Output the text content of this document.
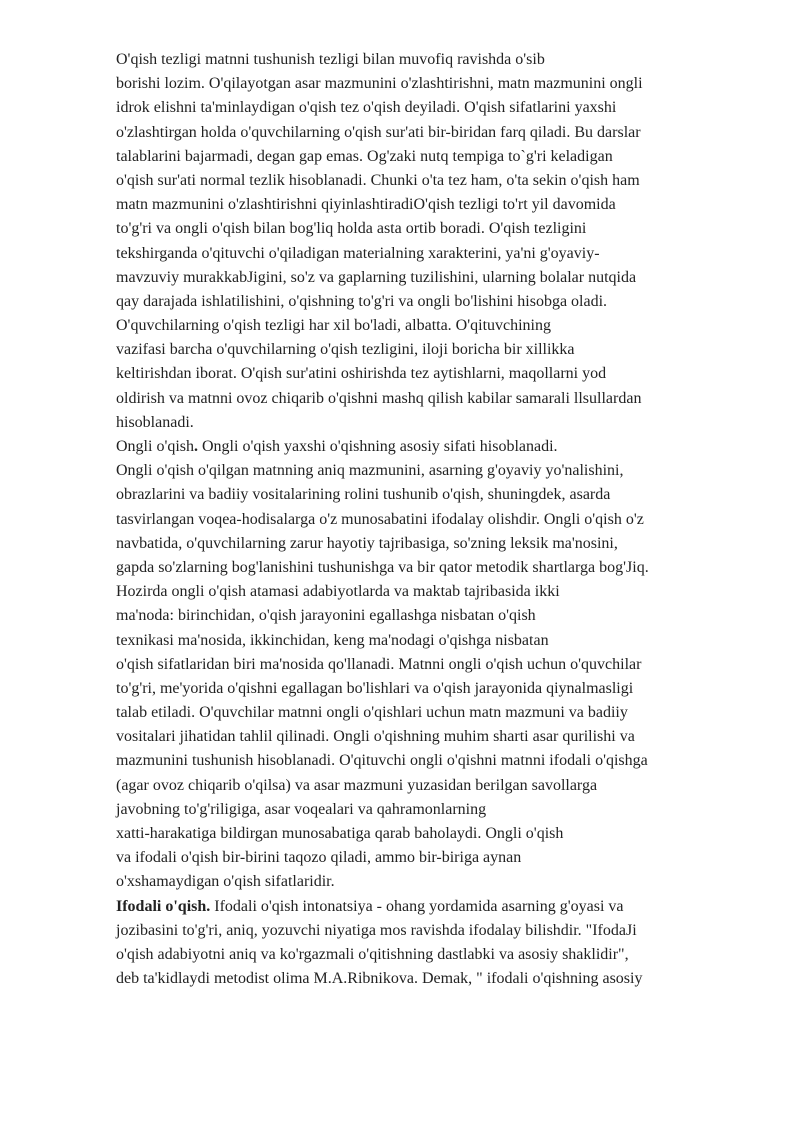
O'qish tezligi matnni tushunish tezligi bilan muvofiq ravishda o'sib
borishi lozim. O'qilayotgan asar mazmunini o'zlashtirishni, matn mazmunini ongli
idrok elishni ta'minlaydigan o'qish tez o'qish deyiladi. O'qish sifatlarini yaxshi
o'zlashtirgan holda o'quvchilarning o'qish sur'ati bir-biridan farq qiladi. Bu darslar
talablarini bajarmadi, degan gap emas. Og'zaki nutq tempiga to`g'ri keladigan
o'qish sur'ati normal tezlik hisoblanadi. Chunki o'ta tez ham, o'ta sekin o'qish ham
matn mazmunini o'zlashtirishni qiyinlashtiradiO'qish tezligi to'rt yil davomida
to'g'ri va ongli o'qish bilan bog'liq holda asta ortib boradi. O'qish tezligini
tekshirganda o'qituvchi o'qiladigan materialning xarakterini, ya'ni g'oyaviy-
mavzuviy murakkabJigini, so'z va gaplarning tuzilishini, ularning bolalar nutqida
qay darajada ishlatilishini, o'qishning to'g'ri va ongli bo'lishini hisobga oladi.
O'quvchilarning o'qish tezligi har xil bo'ladi, albatta. O'qituvchining
vazifasi barcha o'quvchilarning o'qish tezligini, iloji boricha bir xillikka
keltirishdan iborat. O'qish sur'atini oshirishda tez aytishlarni, maqollarni yod
oldirish va matnni ovoz chiqarib o'qishni mashq qilish kabilar samarali llsullardan
hisoblanadi.
Ongli o'qish. Ongli o'qish yaxshi o'qishning asosiy sifati hisoblanadi.
Ongli o'qish o'qilgan matnning aniq mazmunini, asarning g'oyaviy yo'nalishini,
obrazlarini va badiiy vositalarining rolini tushunib o'qish, shuningdek, asarda
tasvirlangan voqea-hodisalarga o'z munosabatini ifodalay olishdir. Ongli o'qish o'z
navbatida, o'quvchilarning zarur hayotiy tajribasiga, so'zning leksik ma'nosini,
gapda so'zlarning bog'lanishini tushunishga va bir qator metodik shartlarga bog'Jiq.
Hozirda ongli o'qish atamasi adabiyotlarda va maktab tajribasida ikki
ma'noda: birinchidan, o'qish jarayonini egallashga nisbatan o'qish
texnikasi ma'nosida, ikkinchidan, keng ma'nodagi o'qishga nisbatan
o'qish sifatlaridan biri ma'nosida qo'llanadi. Matnni ongli o'qish uchun o'quvchilar
to'g'ri, me'yorida o'qishni egallagan bo'lishlari va o'qish jarayonida qiynalmasligi
talab etiladi. O'quvchilar matnni ongli o'qishlari uchun matn mazmuni va badiiy
vositalari jihatidan tahlil qilinadi. Ongli o'qishning muhim sharti asar qurilishi va
mazmunini tushunish hisoblanadi. O'qituvchi ongli o'qishni matnni ifodali o'qishga
(agar ovoz chiqarib o'qilsa) va asar mazmuni yuzasidan berilgan savollarga
javobning to'g'riligiga, asar voqealari va qahramonlarning
xatti-harakatiga bildirgan munosabatiga qarab baholaydi. Ongli o'qish
va ifodali o'qish bir-birini taqozo qiladi, ammo bir-biriga aynan
o'xshamaydigan o'qish sifatlaridir.
Ifodali o'qish. Ifodali o'qish intonatsiya - ohang yordamida asarning g'oyasi va
jozibasini to'g'ri, aniq, yozuvchi niyatiga mos ravishda ifodalay bilishdir. "IfodaJi
o'qish adabiyotni aniq va ko'rgazmali o'qitishning dastlabki va asosiy shaklidir",
deb ta'kidlaydi metodist olima M.A.Ribnikova. Demak, " ifodali o'qishning asosiy
